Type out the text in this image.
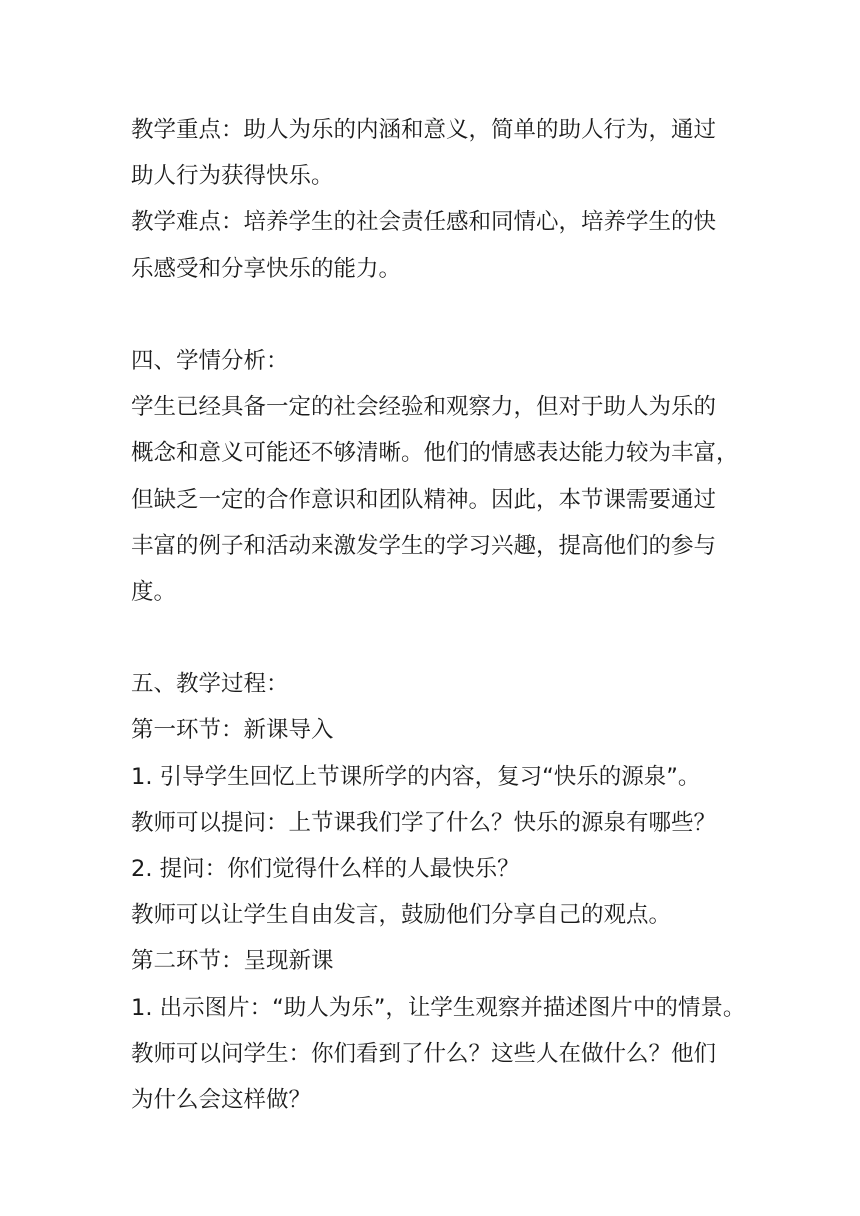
教学重点：助人为乐的内涵和意义，简单的助人行为，通过
助人行为获得快乐。
教学难点：培养学生的社会责任感和同情心，培养学生的快
乐感受和分享快乐的能力。
四、学情分析：
学生已经具备一定的社会经验和观察力，但对于助人为乐的
概念和意义可能还不够清晰。他们的情感表达能力较为丰富，
但缺乏一定的合作意识和团队精神。因此，本节课需要通过
丰富的例子和活动来激发学生的学习兴趣，提高他们的参与
度。
五、教学过程：
第一环节：新课导入
1. 引导学生回忆上节课所学的内容，复习“快乐的源泉”。
教师可以提问：上节课我们学了什么？快乐的源泉有哪些？
2. 提问：你们觉得什么样的人最快乐？
教师可以让学生自由发言，鼓励他们分享自己的观点。
第二环节：呈现新课
1. 出示图片：“助人为乐”，让学生观察并描述图片中的情景。
教师可以问学生：你们看到了什么？这些人在做什么？他们
为什么会这样做？
